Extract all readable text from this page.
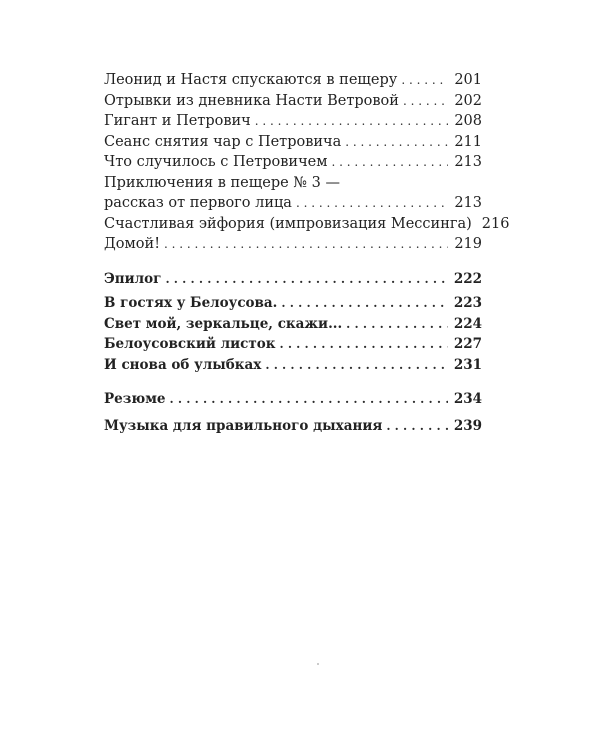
Леонид и Настя спускаются в пещеру . . .	201
Отрывки из дневника Насти Ветровой . . .	202
Гигант и Петрович . . .	208
Сеанс снятия чар с Петровича . . .	211
Что случилось с Петровичем . . .	213
Приключения в пещере № 3 —
рассказ от первого лица . . .	213
Счастливая эйфория (импровизация Мессинга) 216
Домой! . . .	219
Эпилог . . .	222
В гостях у Белоусова. . . .	223
Свет мой, зеркальце, скажи... . . .	224
Белоусовский листок . . .	227
И снова об улыбках . . .	231
Резюме . . .	234
Музыка для правильного дыхания . . .	239
